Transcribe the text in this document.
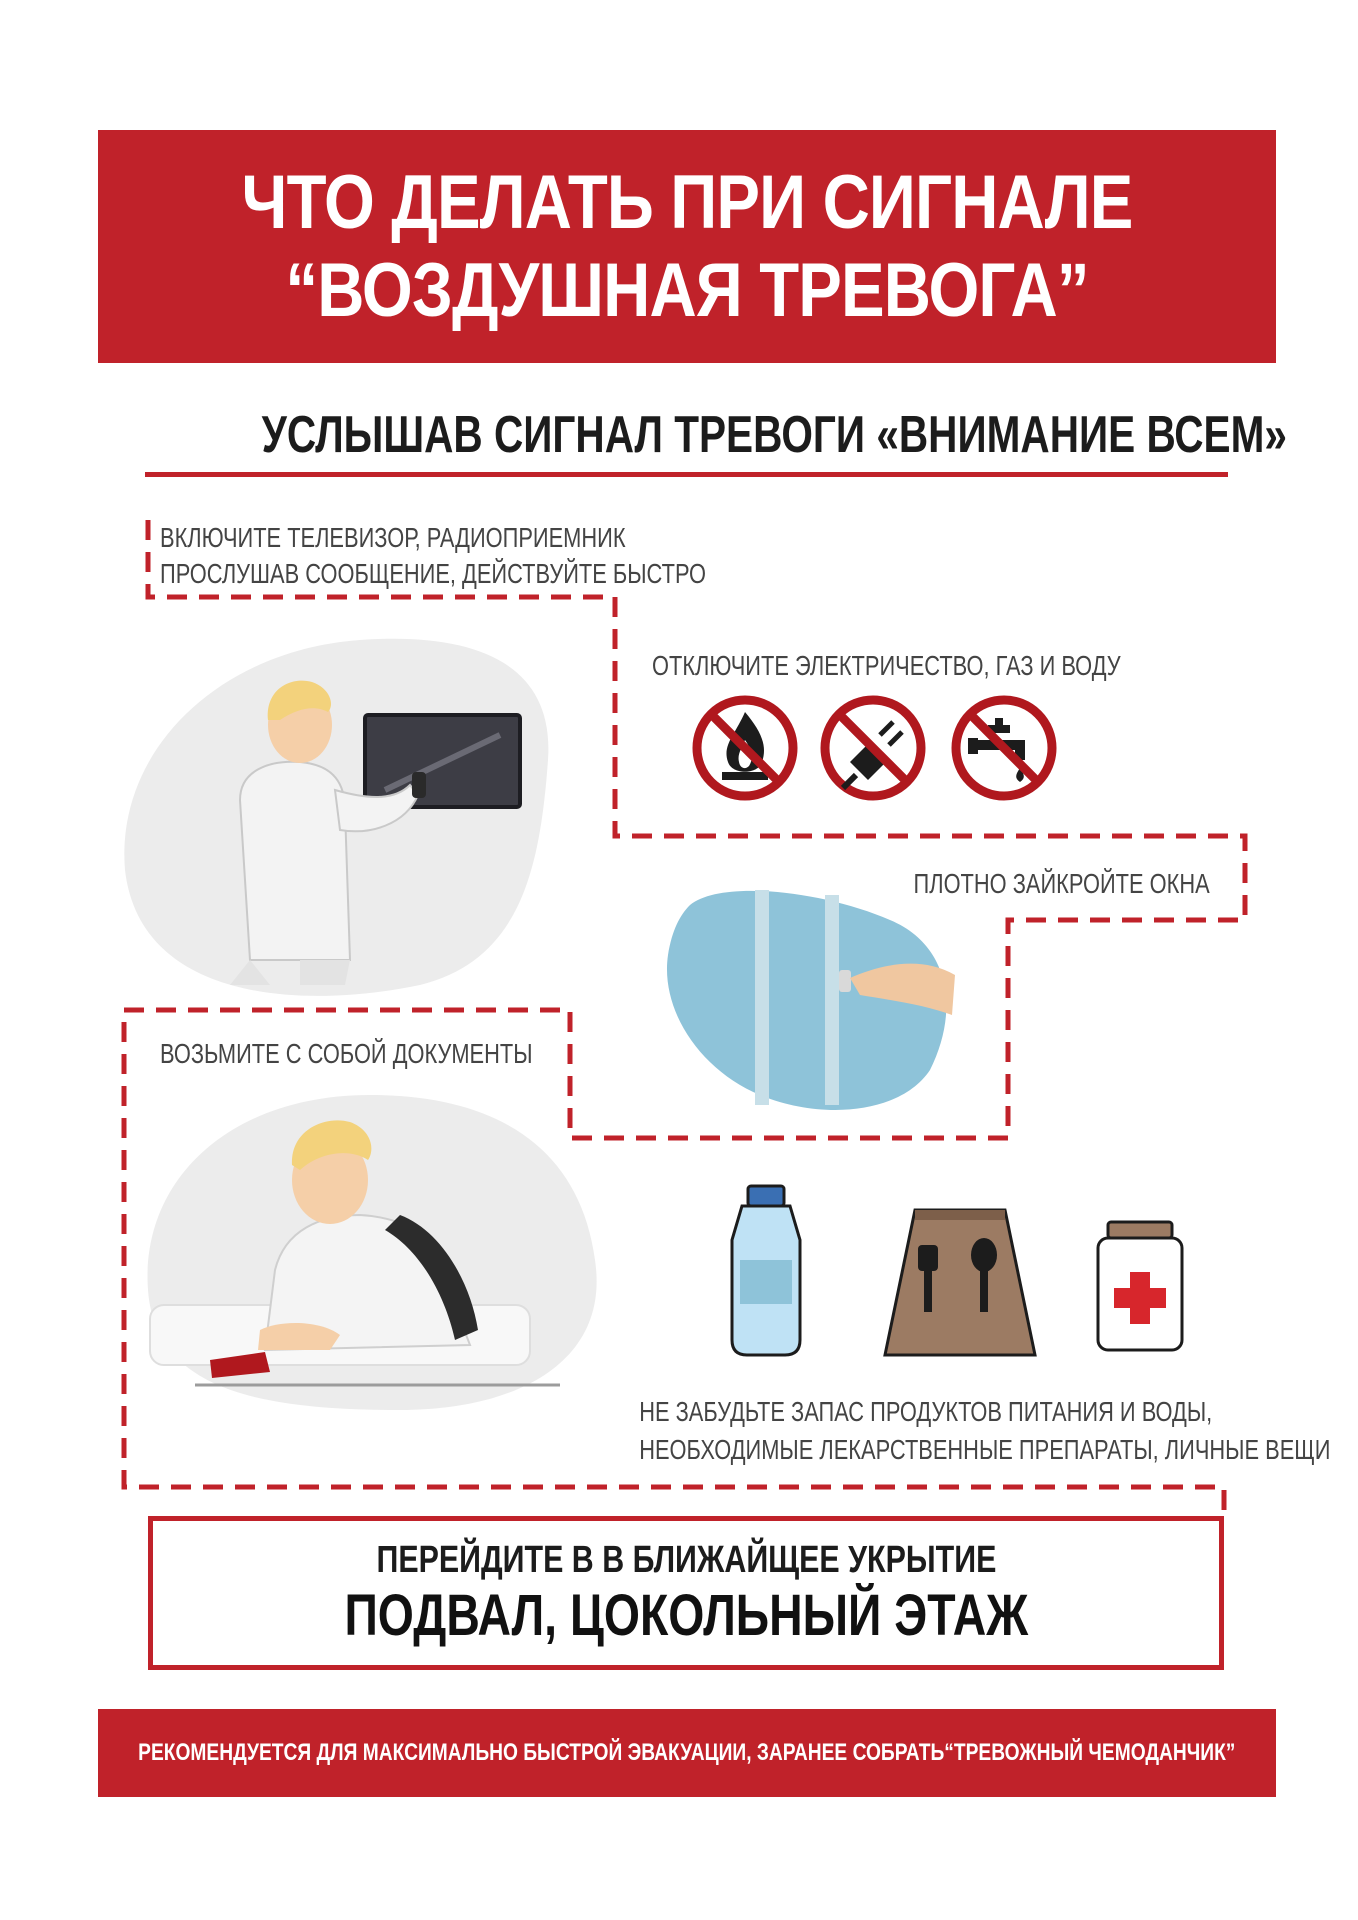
ЧТО ДЕЛАТЬ ПРИ СИГНАЛЕ
“ВОЗДУШНАЯ ТРЕВОГА”
УСЛЫШАВ СИГНАЛ ТРЕВОГИ «ВНИМАНИЕ ВСЕМ»
ВКЛЮЧИТЕ ТЕЛЕВИЗОР, РАДИОПРИЕМНИК
ПРОСЛУШАВ СООБЩЕНИЕ, ДЕЙСТВУЙТЕ БЫСТРО
ОТКЛЮЧИТЕ ЭЛЕКТРИЧЕСТВО, ГАЗ И ВОДУ
ПЛОТНО ЗАЙКРОЙТЕ ОКНА
ВОЗЬМИТЕ С СОБОЙ ДОКУМЕНТЫ
НЕ ЗАБУДЬТЕ ЗАПАС ПРОДУКТОВ ПИТАНИЯ И ВОДЫ,
НЕОБХОДИМЫЕ ЛЕКАРСТВЕННЫЕ ПРЕПАРАТЫ, ЛИЧНЫЕ ВЕЩИ
ПЕРЕЙДИТЕ В В БЛИЖАЙЩЕЕ УКРЫТИЕ
ПОДВАЛ, ЦОКОЛЬНЫЙ ЭТАЖ
РЕКОМЕНДУЕТСЯ ДЛЯ МАКСИМАЛЬНО БЫСТРОЙ ЭВАКУАЦИИ, ЗАРАНЕЕ СОБРАТЬ“ТРЕВОЖНЫЙ ЧЕМОДАНЧИК”
